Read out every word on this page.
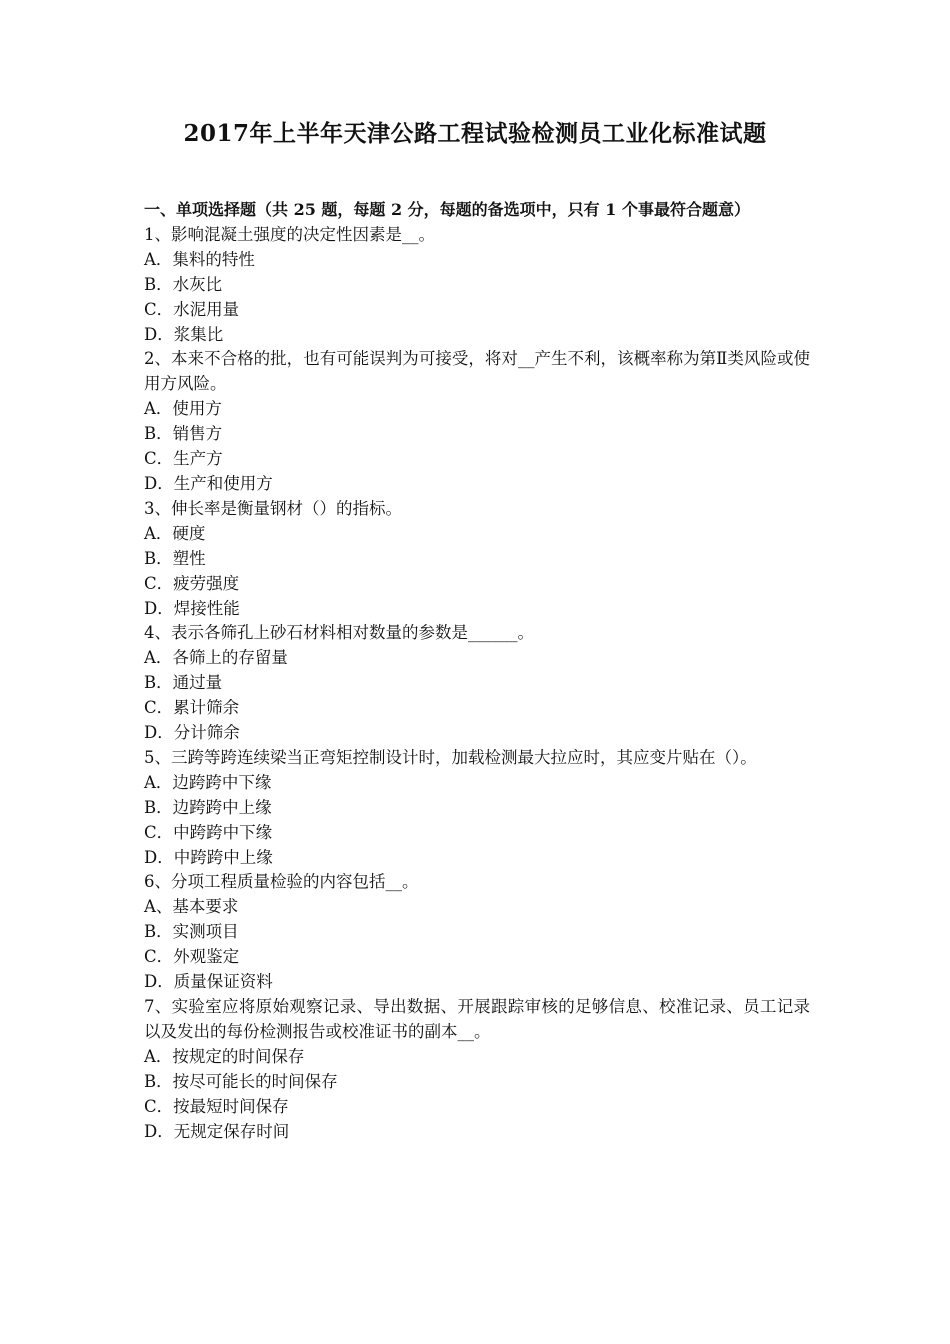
2017年上半年天津公路工程试验检测员工业化标准试题
一、单项选择题（共 25 题，每题 2 分，每题的备选项中，只有 1 个事最符合题意）
1、影响混凝土强度的决定性因素是__。
A．集料的特性
B．水灰比
C．水泥用量
D．浆集比
2、本来不合格的批，也有可能误判为可接受，将对__产生不利，该概率称为第Ⅱ类风险或使用方风险。
A．使用方
B．销售方
C．生产方
D．生产和使用方
3、伸长率是衡量钢材（）的指标。
A．硬度
B．塑性
C．疲劳强度
D．焊接性能
4、表示各筛孔上砂石材料相对数量的参数是______。
A．各筛上的存留量
B．通过量
C．累计筛余
D．分计筛余
5、三跨等跨连续梁当正弯矩控制设计时，加载检测最大拉应时，其应变片贴在（）。
A．边跨跨中下缘
B．边跨跨中上缘
C．中跨跨中下缘
D．中跨跨中上缘
6、分项工程质量检验的内容包括__。
A、基本要求
B．实测项目
C．外观鉴定
D．质量保证资料
7、实验室应将原始观察记录、导出数据、开展跟踪审核的足够信息、校准记录、员工记录以及发出的每份检测报告或校准证书的副本__。
A．按规定的时间保存
B．按尽可能长的时间保存
C．按最短时间保存
D．无规定保存时间
